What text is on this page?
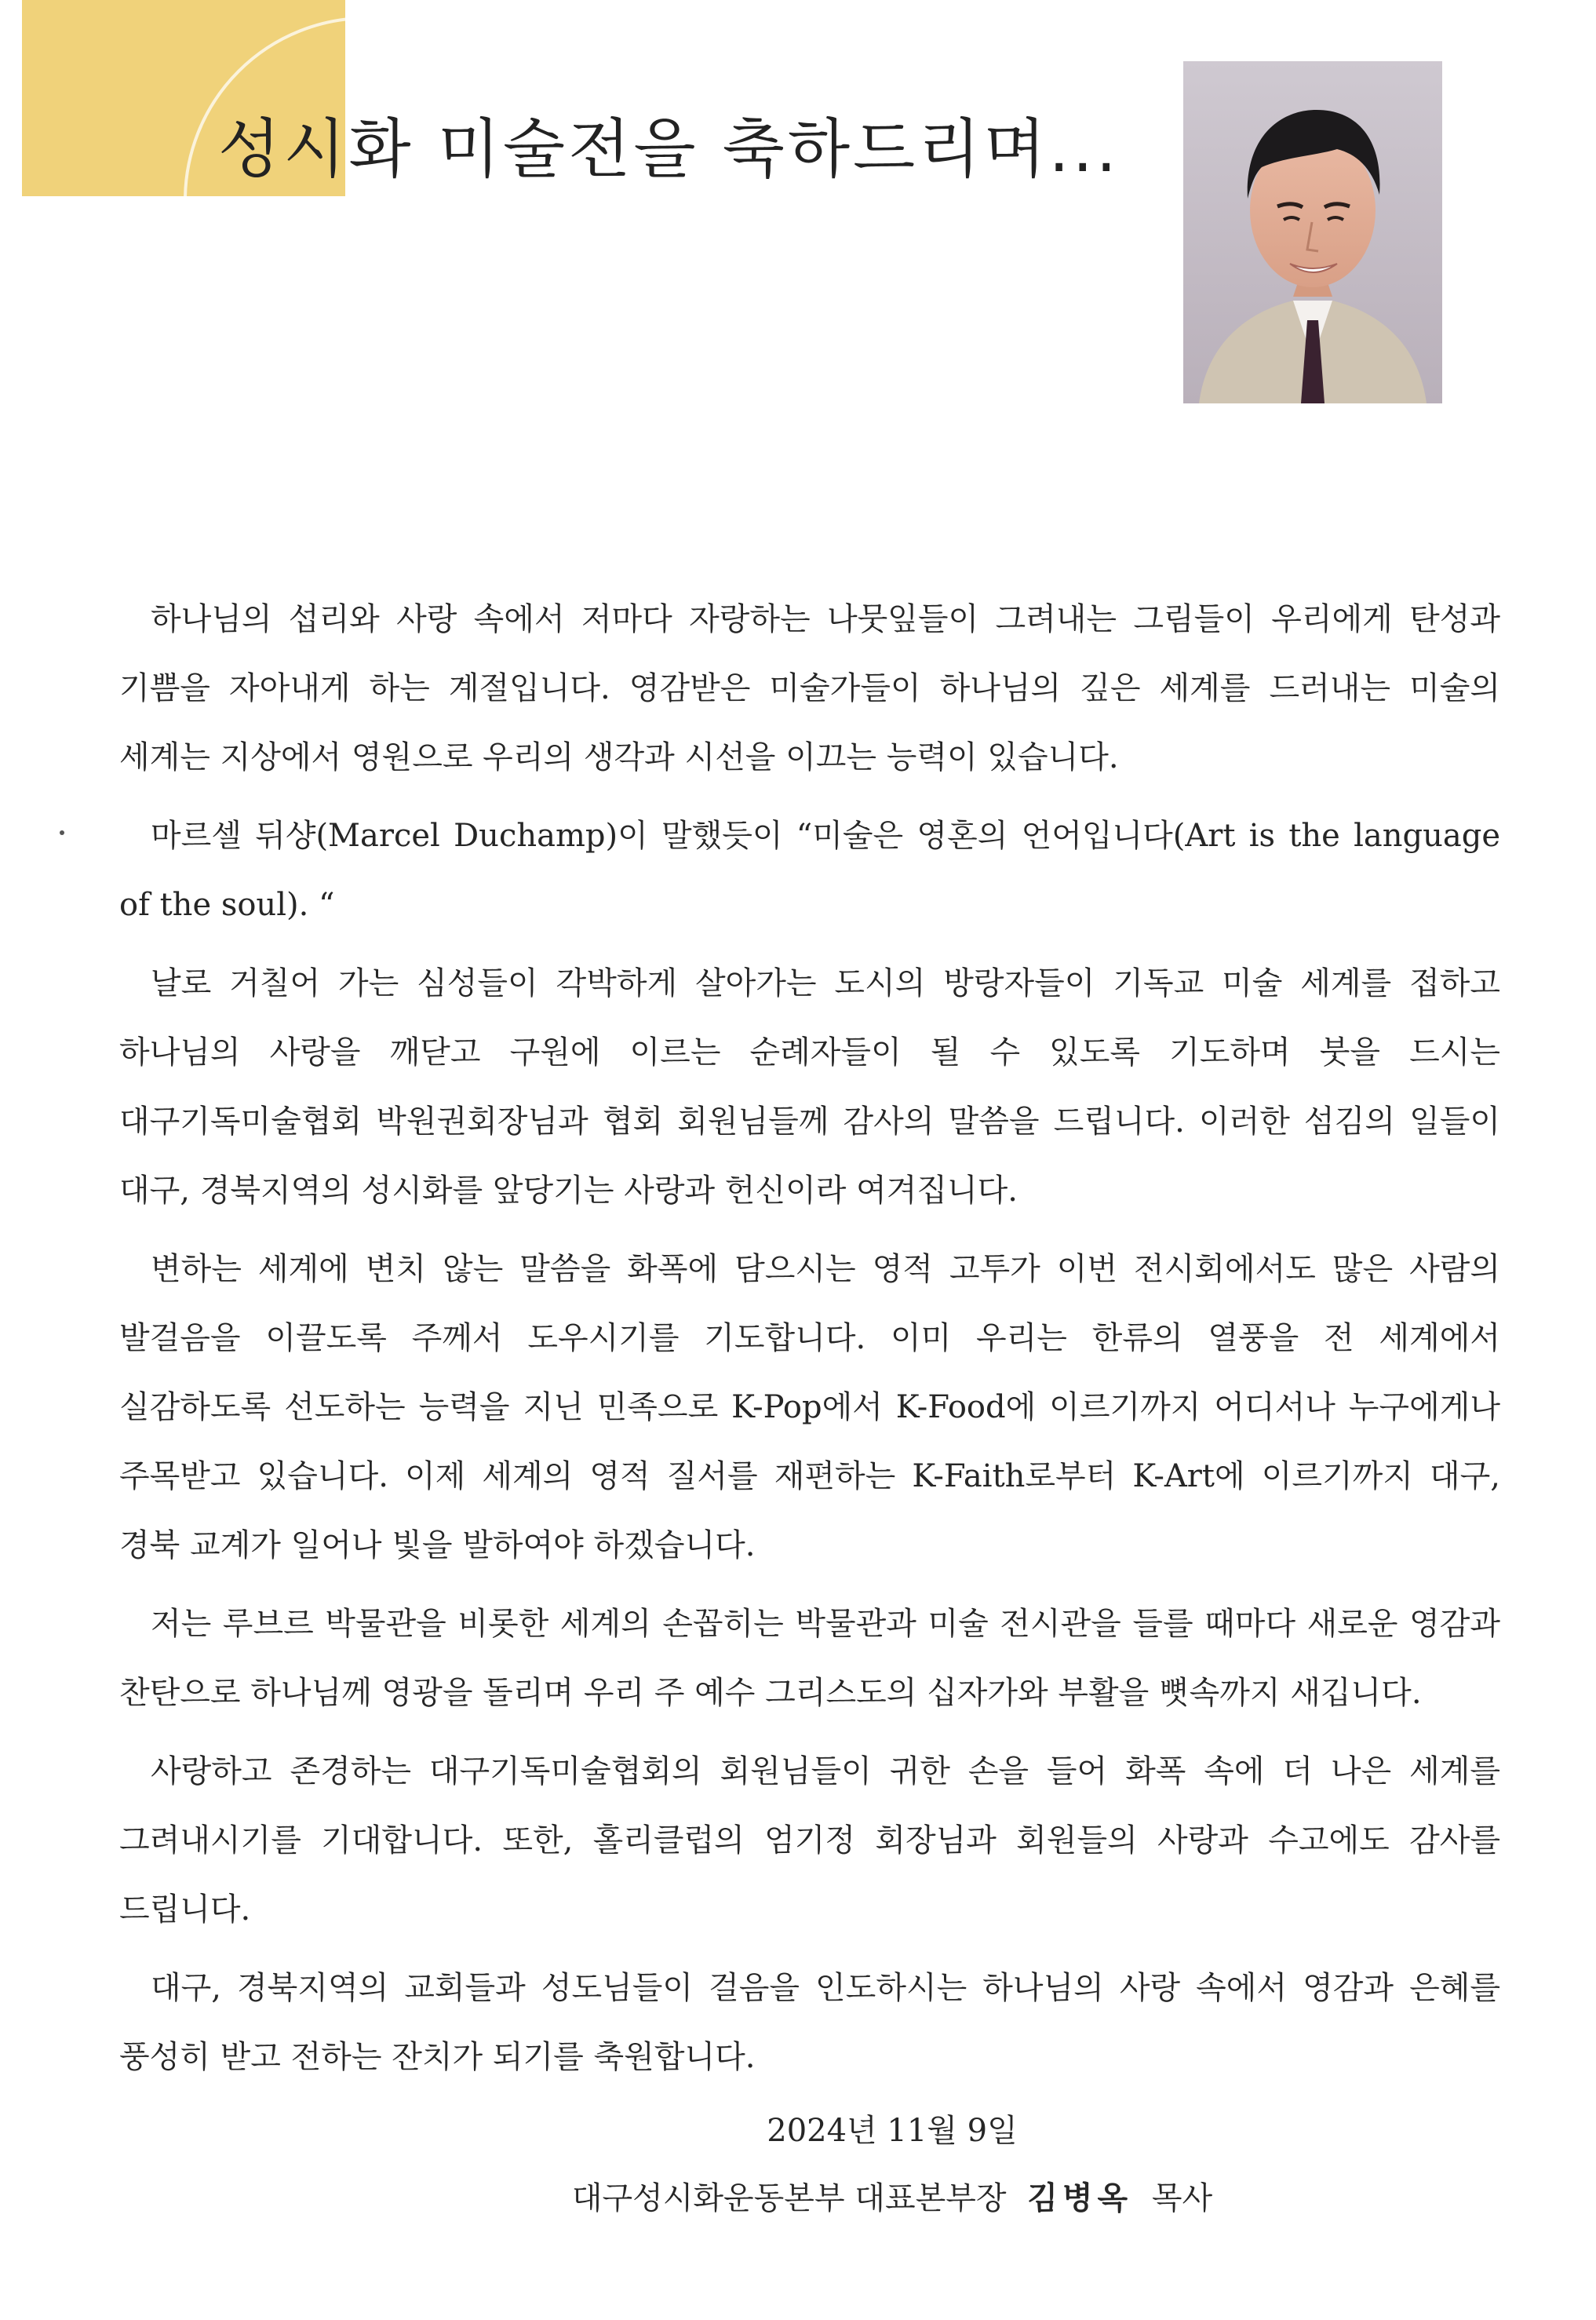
성시화 미술전을 축하드리며...

하나님의 섭리와 사랑 속에서 저마다 자랑하는 나뭇잎들이 그려내는 그림들이 우리에게 탄성과 기쁨을 자아내게 하는 계절입니다. 영감받은 미술가들이 하나님의 깊은 세계를 드러내는 미술의 세계는 지상에서 영원으로 우리의 생각과 시선을 이끄는 능력이 있습니다.

마르셀 뒤샹(Marcel Duchamp)이 말했듯이 “미술은 영혼의 언어입니다(Art is the language of the soul). “

날로 거칠어 가는 심성들이 각박하게 살아가는 도시의 방랑자들이 기독교 미술 세계를 접하고 하나님의 사랑을 깨닫고 구원에 이르는 순례자들이 될 수 있도록 기도하며 붓을 드시는 대구기독미술협회 박원권회장님과 협회 회원님들께 감사의 말씀을 드립니다. 이러한 섬김의 일들이 대구, 경북지역의 성시화를 앞당기는 사랑과 헌신이라 여겨집니다.

변하는 세계에 변치 않는 말씀을 화폭에 담으시는 영적 고투가 이번 전시회에서도 많은 사람의 발걸음을 이끌도록 주께서 도우시기를 기도합니다. 이미 우리는 한류의 열풍을 전 세계에서 실감하도록 선도하는 능력을 지닌 민족으로 K-Pop에서 K-Food에 이르기까지 어디서나 누구에게나 주목받고 있습니다. 이제 세계의 영적 질서를 재편하는 K-Faith로부터 K-Art에 이르기까지 대구, 경북 교계가 일어나 빛을 발하여야 하겠습니다.

저는 루브르 박물관을 비롯한 세계의 손꼽히는 박물관과 미술 전시관을 들를 때마다 새로운 영감과 찬탄으로 하나님께 영광을 돌리며 우리 주 예수 그리스도의 십자가와 부활을 뼛속까지 새깁니다.

사랑하고 존경하는 대구기독미술협회의 회원님들이 귀한 손을 들어 화폭 속에 더 나은 세계를 그려내시기를 기대합니다. 또한, 홀리클럽의 엄기정 회장님과 회원들의 사랑과 수고에도 감사를 드립니다.

대구, 경북지역의 교회들과 성도님들이 걸음을 인도하시는 하나님의 사랑 속에서 영감과 은혜를 풍성히 받고 전하는 잔치가 되기를 축원합니다.

2024년 11월 9일
대구성시화운동본부 대표본부장 김병옥 목사
